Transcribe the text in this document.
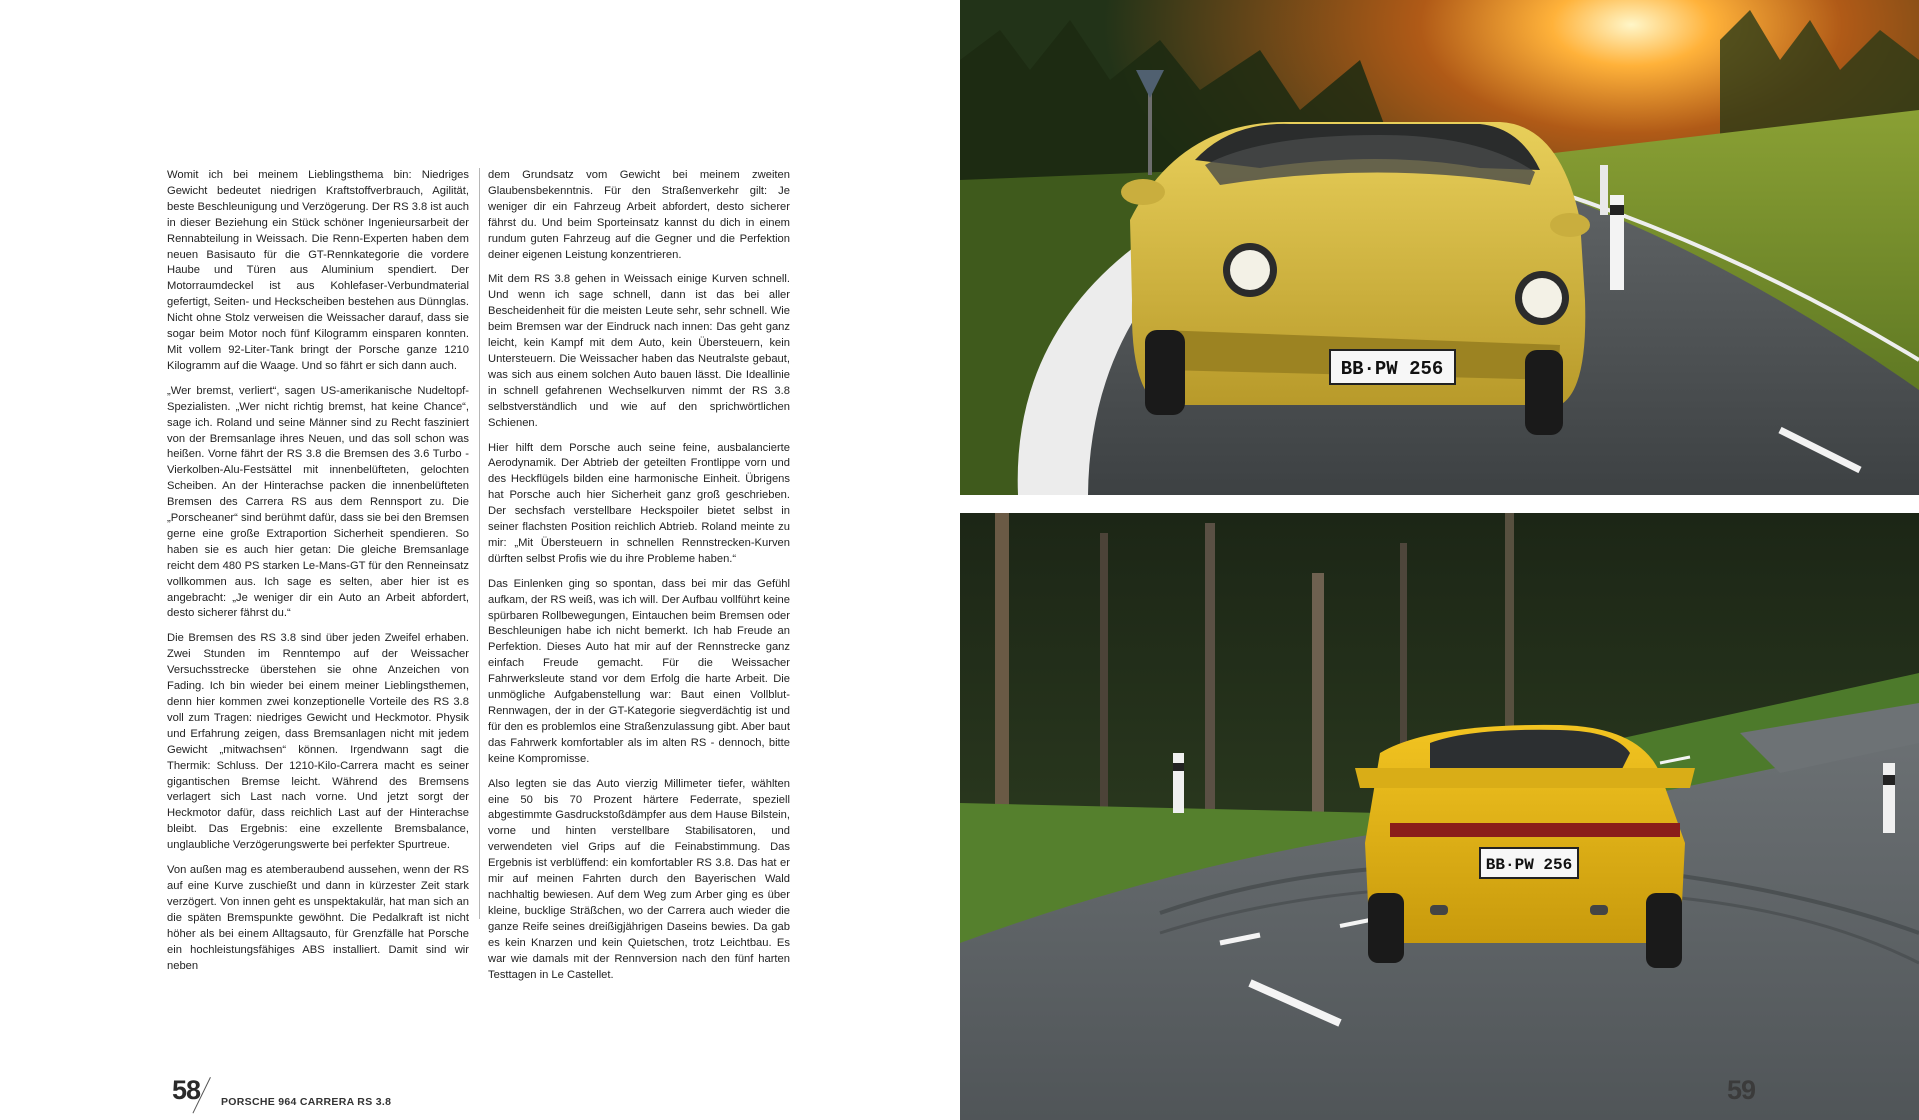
Womit ich bei meinem Lieblingsthema bin: Niedriges Gewicht bedeutet niedrigen Kraftstoffverbrauch, Agilität, beste Beschleunigung und Verzögerung. Der RS 3.8 ist auch in dieser Beziehung ein Stück schöner Ingenieursarbeit der Rennabteilung in Weissach. Die Renn-Experten haben dem neuen Basisauto für die GT-Rennkategorie die vordere Haube und Türen aus Aluminium spendiert. Der Motorraumdeckel ist aus Kohlefaser-Verbundmaterial gefertigt, Seiten- und Heckscheiben bestehen aus Dünnglas. Nicht ohne Stolz verweisen die Weissacher darauf, dass sie sogar beim Motor noch fünf Kilogramm einsparen konnten. Mit vollem 92-Liter-Tank bringt der Porsche ganze 1210 Kilogramm auf die Waage. Und so fährt er sich dann auch.

„Wer bremst, verliert“, sagen US-amerikanische Nudeltopf-Spezialisten. „Wer nicht richtig bremst, hat keine Chance“, sage ich. Roland und seine Männer sind zu Recht fasziniert von der Bremsanlage ihres Neuen, und das soll schon was heißen. Vorne fährt der RS 3.8 die Bremsen des 3.6 Turbo - Vierkolben-Alu-Festsättel mit innenbelüfteten, gelochten Scheiben. An der Hinterachse packen die innenbelüfteten Bremsen des Carrera RS aus dem Rennsport zu. Die „Porscheaner“ sind berühmt dafür, dass sie bei den Bremsen gerne eine große Extraportion Sicherheit spendieren. So haben sie es auch hier getan: Die gleiche Bremsanlage reicht dem 480 PS starken Le-Mans-GT für den Renneinsatz vollkommen aus. Ich sage es selten, aber hier ist es angebracht: „Je weniger dir ein Auto an Arbeit abfordert, desto sicherer fährst du.“

Die Bremsen des RS 3.8 sind über jeden Zweifel erhaben. Zwei Stunden im Renntempo auf der Weissacher Versuchsstrecke überstehen sie ohne Anzeichen von Fading. Ich bin wieder bei einem meiner Lieblingsthemen, denn hier kommen zwei konzeptionelle Vorteile des RS 3.8 voll zum Tragen: niedriges Gewicht und Heckmotor. Physik und Erfahrung zeigen, dass Bremsanlagen nicht mit jedem Gewicht „mitwachsen“ können. Irgendwann sagt die Thermik: Schluss. Der 1210-Kilo-Carrera macht es seiner gigantischen Bremse leicht. Während des Bremsens verlagert sich Last nach vorne. Und jetzt sorgt der Heckmotor dafür, dass reichlich Last auf der Hinterachse bleibt. Das Ergebnis: eine exzellente Bremsbalance, unglaubliche Verzögerungswerte bei perfekter Spurtreue.

Von außen mag es atemberaubend aussehen, wenn der RS auf eine Kurve zuschießt und dann in kürzester Zeit stark verzögert. Von innen geht es unspektakulär, hat man sich an die späten Bremspunkte gewöhnt. Die Pedalkraft ist nicht höher als bei einem Alltagsauto, für Grenzfälle hat Porsche ein hochleistungsfähiges ABS installiert. Damit sind wir neben

dem Grundsatz vom Gewicht bei meinem zweiten Glaubensbekenntnis. Für den Straßenverkehr gilt: Je weniger dir ein Fahrzeug Arbeit abfordert, desto sicherer fährst du. Und beim Sporteinsatz kannst du dich in einem rundum guten Fahrzeug auf die Gegner und die Perfektion deiner eigenen Leistung konzentrieren.

Mit dem RS 3.8 gehen in Weissach einige Kurven schnell. Und wenn ich sage schnell, dann ist das bei aller Bescheidenheit für die meisten Leute sehr, sehr schnell. Wie beim Bremsen war der Eindruck nach innen: Das geht ganz leicht, kein Kampf mit dem Auto, kein Übersteuern, kein Untersteuern. Die Weissacher haben das Neutralste gebaut, was sich aus einem solchen Auto bauen lässt. Die Ideallinie in schnell gefahrenen Wechselkurven nimmt der RS 3.8 selbstverständlich und wie auf den sprichwörtlichen Schienen.

Hier hilft dem Porsche auch seine feine, ausbalancierte Aerodynamik. Der Abtrieb der geteilten Frontlippe vorn und des Heckflügels bilden eine harmonische Einheit. Übrigens hat Porsche auch hier Sicherheit ganz groß geschrieben. Der sechsfach verstellbare Heckspoiler bietet selbst in seiner flachsten Position reichlich Abtrieb. Roland meinte zu mir: „Mit Übersteuern in schnellen Rennstrecken-Kurven dürften selbst Profis wie du ihre Probleme haben.“

Das Einlenken ging so spontan, dass bei mir das Gefühl aufkam, der RS weiß, was ich will. Der Aufbau vollführt keine spürbaren Rollbewegungen, Eintauchen beim Bremsen oder Beschleunigen habe ich nicht bemerkt. Ich hab Freude an Perfektion. Dieses Auto hat mir auf der Rennstrecke ganz einfach Freude gemacht. Für die Weissacher Fahrwerksleute stand vor dem Erfolg die harte Arbeit. Die unmögliche Aufgabenstellung war: Baut einen Vollblut-Rennwagen, der in der GT-Kategorie siegverdächtig ist und für den es problemlos eine Straßenzulassung gibt. Aber baut das Fahrwerk komfortabler als im alten RS - dennoch, bitte keine Kompromisse.

Also legten sie das Auto vierzig Millimeter tiefer, wählten eine 50 bis 70 Prozent härtere Federrate, speziell abgestimmte Gasdruckstoßdämpfer aus dem Hause Bilstein, vorne und hinten verstellbare Stabilisatoren, und verwendeten viel Grips auf die Feinabstimmung. Das Ergebnis ist verblüffend: ein komfortabler RS 3.8. Das hat er mir auf meinen Fahrten durch den Bayerischen Wald nachhaltig bewiesen. Auf dem Weg zum Arber ging es über kleine, bucklige Sträßchen, wo der Carrera auch wieder die ganze Reife seines dreißigjährigen Daseins bewies. Da gab es kein Knarzen und kein Quietschen, trotz Leichtbau. Es war wie damals mit der Rennversion nach den fünf harten Testtagen in Le Castellet.

58 PORSCHE 964 CARRERA RS 3.8
BB·PW 256
BB·PW 256
59
